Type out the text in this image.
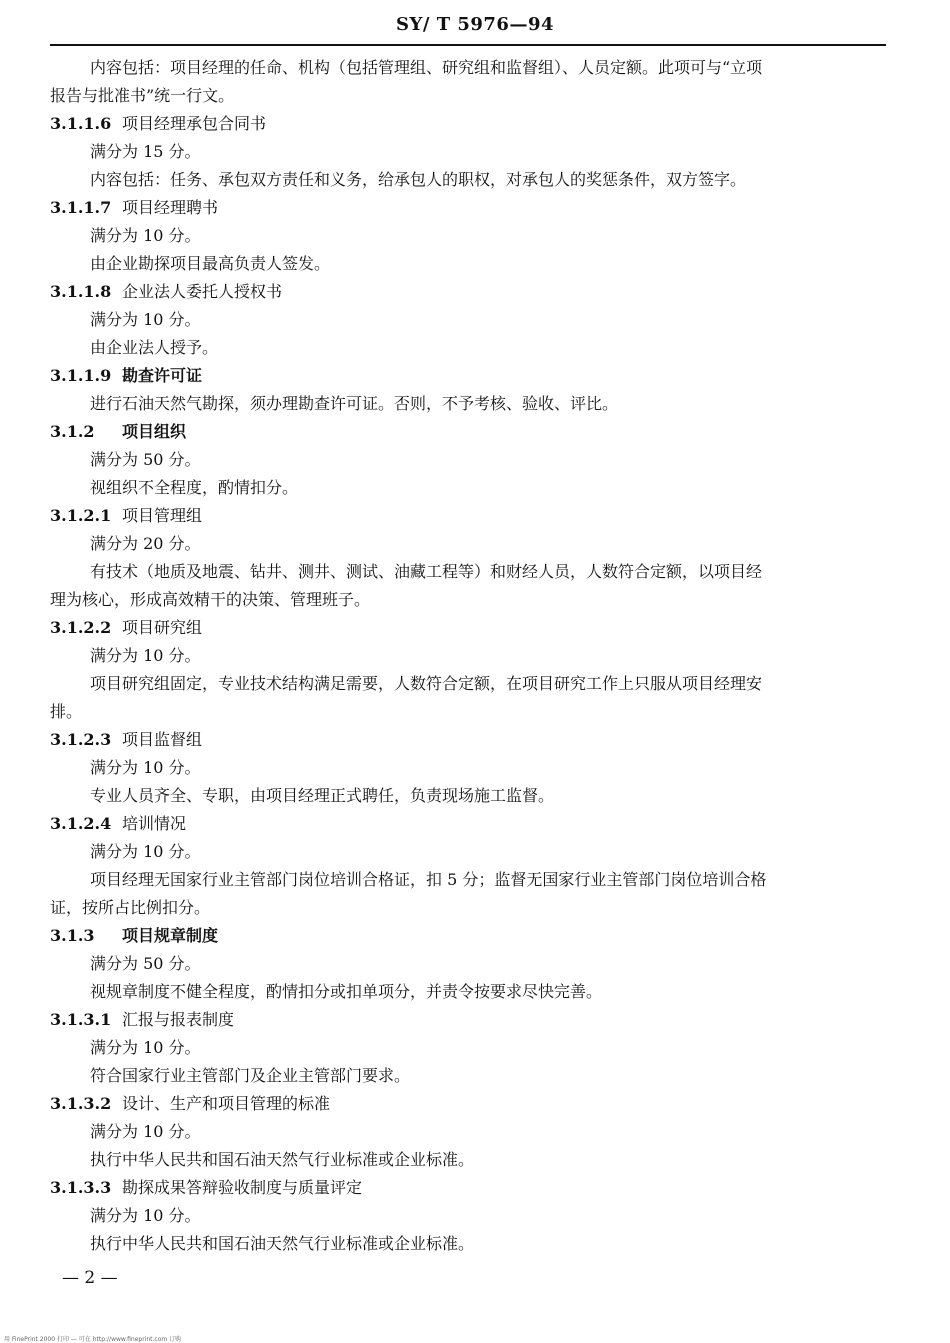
SY/ T 5976—94
内容包括：项目经理的任命、机构（包括管理组、研究组和监督组）、人员定额。此项可与“立项
报告与批准书”统一行文。
3.1.1.6 项目经理承包合同书
满分为 15 分。
内容包括：任务、承包双方责任和义务，给承包人的职权，对承包人的奖惩条件，双方签字。
3.1.1.7 项目经理聘书
满分为 10 分。
由企业勘探项目最高负责人签发。
3.1.1.8 企业法人委托人授权书
满分为 10 分。
由企业法人授予。
3.1.1.9 勘查许可证
进行石油天然气勘探，须办理勘查许可证。否则，不予考核、验收、评比。
3.1.2 项目组织
满分为 50 分。
视组织不全程度，酌情扣分。
3.1.2.1 项目管理组
满分为 20 分。
有技术（地质及地震、钻井、测井、测试、油藏工程等）和财经人员，人数符合定额，以项目经
理为核心，形成高效精干的决策、管理班子。
3.1.2.2 项目研究组
满分为 10 分。
项目研究组固定，专业技术结构满足需要，人数符合定额，在项目研究工作上只服从项目经理安
排。
3.1.2.3 项目监督组
满分为 10 分。
专业人员齐全、专职，由项目经理正式聘任，负责现场施工监督。
3.1.2.4 培训情况
满分为 10 分。
项目经理无国家行业主管部门岗位培训合格证，扣 5 分；监督无国家行业主管部门岗位培训合格
证，按所占比例扣分。
3.1.3 项目规章制度
满分为 50 分。
视规章制度不健全程度，酌情扣分或扣单项分，并责令按要求尽快完善。
3.1.3.1 汇报与报表制度
满分为 10 分。
符合国家行业主管部门及企业主管部门要求。
3.1.3.2 设计、生产和项目管理的标准
满分为 10 分。
执行中华人民共和国石油天然气行业标准或企业标准。
3.1.3.3 勘探成果答辩验收制度与质量评定
满分为 10 分。
执行中华人民共和国石油天然气行业标准或企业标准。
— 2 —
用 FinePrint 2000 打印 — 可在 http://www.fineprint.com 订购
